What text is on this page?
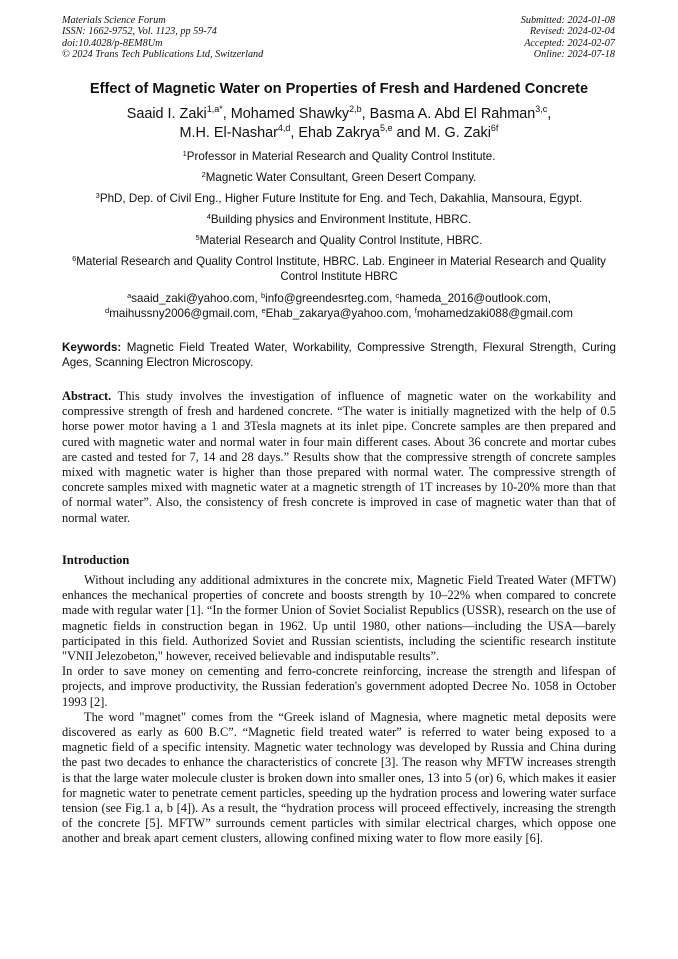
Materials Science Forum
ISSN: 1662-9752, Vol. 1123, pp 59-74
doi:10.4028/p-8EM8Um
© 2024 Trans Tech Publications Ltd, Switzerland
Submitted: 2024-01-08
Revised: 2024-02-04
Accepted: 2024-02-07
Online: 2024-07-18
Effect of Magnetic Water on Properties of Fresh and Hardened Concrete
Saaid I. Zaki$^{1,a*}$, Mohamed Shawky$^{2,b}$, Basma A. Abd El Rahman$^{3,c}$,
M.H. El-Nashar$^{4,d}$, Ehab Zakrya$^{5,e}$ and M. G. Zaki$^{6f}$
$^1$Professor in Material Research and Quality Control Institute.
$^2$Magnetic Water Consultant, Green Desert Company.
$^3$PhD, Dep. of Civil Eng., Higher Future Institute for Eng. and Tech, Dakahlia, Mansoura, Egypt.
$^4$Building physics and Environment Institute, HBRC.
$^5$Material Research and Quality Control Institute, HBRC.
$^6$Material Research and Quality Control Institute, HBRC. Lab. Engineer in Material Research and Quality Control Institute HBRC
$^a$saaid_zaki@yahoo.com, $^b$info@greendesrteg.com, $^c$hameda_2016@outlook.com,
$^d$maihussny2006@gmail.com, $^e$Ehab_zakarya@yahoo.com, $^f$mohamedzaki088@gmail.com
Keywords: Magnetic Field Treated Water, Workability, Compressive Strength, Flexural Strength, Curing Ages, Scanning Electron Microscopy.
Abstract. This study involves the investigation of influence of magnetic water on the workability and compressive strength of fresh and hardened concrete. “The water is initially magnetized with the help of 0.5 horse power motor having a 1 and 3Tesla magnets at its inlet pipe. Concrete samples are then prepared and cured with magnetic water and normal water in four main different cases. About 36 concrete and mortar cubes are casted and tested for 7, 14 and 28 days.” Results show that the compressive strength of concrete samples mixed with magnetic water is higher than those prepared with normal water. The compressive strength of concrete samples mixed with magnetic water at a magnetic strength of 1T increases by 10-20% more than that of normal water”. Also, the consistency of fresh concrete is improved in case of magnetic water than that of normal water.
Introduction

Without including any additional admixtures in the concrete mix, Magnetic Field Treated Water (MFTW) enhances the mechanical properties of concrete and boosts strength by 10–22% when compared to concrete made with regular water [1]. “In the former Union of Soviet Socialist Republics (USSR), research on the use of magnetic fields in construction began in 1962. Up until 1980, other nations—including the USA—barely participated in this field. Authorized Soviet and Russian scientists, including the scientific research institute "VNII Jelezobeton," however, received believable and indisputable results”.

In order to save money on cementing and ferro-concrete reinforcing, increase the strength and lifespan of projects, and improve productivity, the Russian federation's government adopted Decree No. 1058 in October 1993 [2].

The word "magnet" comes from the “Greek island of Magnesia, where magnetic metal deposits were discovered as early as 600 B.C”. “Magnetic field treated water” is referred to water being exposed to a magnetic field of a specific intensity. Magnetic water technology was developed by Russia and China during the past two decades to enhance the characteristics of concrete [3]. The reason why MFTW increases strength is that the large water molecule cluster is broken down into smaller ones, 13 into 5 (or) 6, which makes it easier for magnetic water to penetrate cement particles, speeding up the hydration process and lowering water surface tension (see Fig.1 a, b [4]). As a result, the “hydration process will proceed effectively, increasing the strength of the concrete [5]. MFTW” surrounds cement particles with similar electrical charges, which oppose one another and break apart cement clusters, allowing confined mixing water to flow more easily [6].
